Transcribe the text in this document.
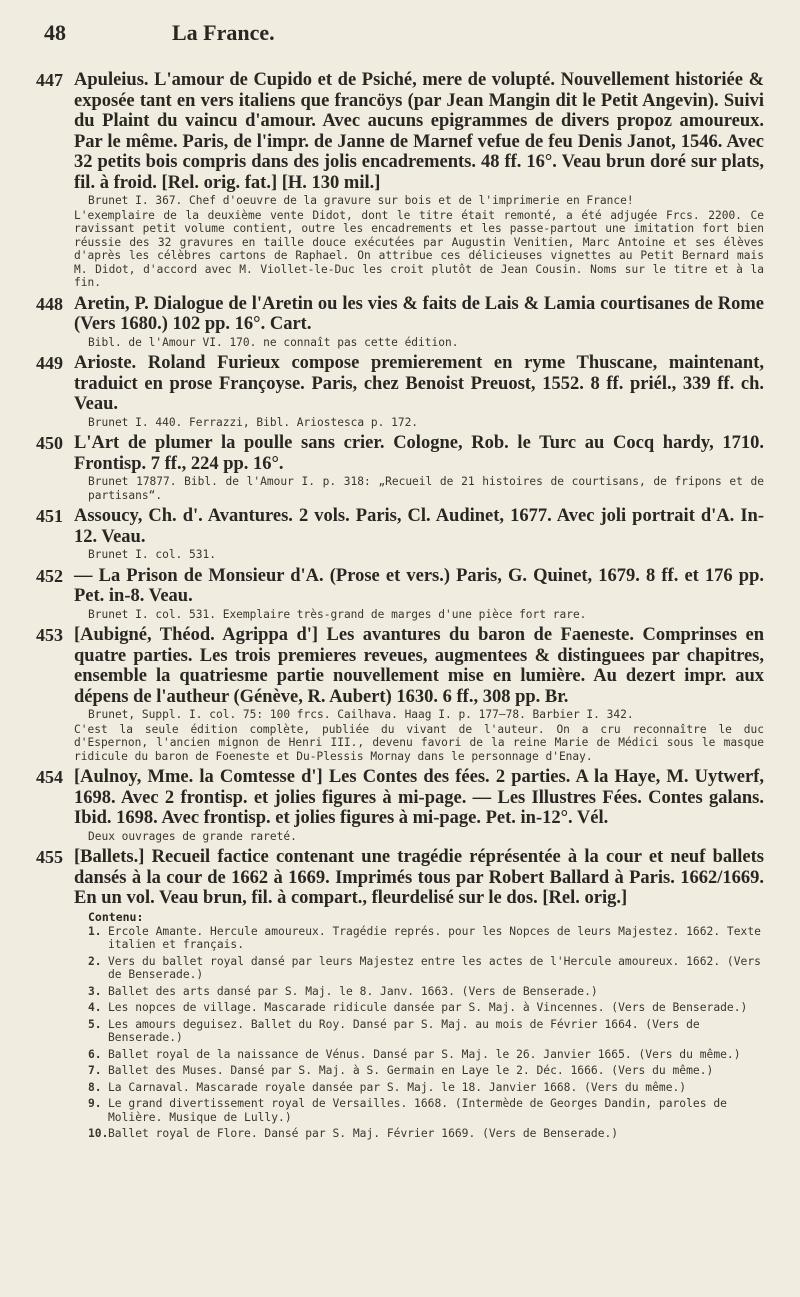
48	La France.
447 Apuleius. L'amour de Cupido et de Psiché, mere de volupté. Nouvellement historiée & exposée tant en vers italiens que francöys (par Jean Mangin dit le Petit Angevin). Suivi du Plaint du vaincu d'amour. Avec aucuns epigrammes de divers propoz amoureux. Par le même. Paris, de l'impr. de Janne de Marnef vefue de feu Denis Janot, 1546. Avec 32 petits bois compris dans des jolis encadrements. 48 ff. 16°. Veau brun doré sur plats, fil. à froid. [Rel. orig. fat.] [H. 130 mil.]

Brunet I. 367. Chef d'oeuvre de la gravure sur bois et de l'imprimerie en France!

L'exemplaire de la deuxième vente Didot, dont le titre était remonté, a été adjugée Frcs. 2200. Ce ravissant petit volume contient, outre les encadrements et les passe-partout une imitation fort bien réussie des 32 gravures en taille douce exécutées par Augustin Venitien, Marc Antoine et ses élèves d'après les célèbres cartons de Raphael. On attribue ces délicieuses vignettes au Petit Bernard mais M. Didot, d'accord avec M. Viollet-le-Duc les croit plutôt de Jean Cousin. Noms sur le titre et à la fin.

448 Aretin, P. Dialogue de l'Aretin ou les vies & faits de Lais & Lamia courtisanes de Rome (Vers 1680.) 102 pp. 16°. Cart.

Bibl. de l'Amour VI. 170. ne connaît pas cette édition.

449 Arioste. Roland Furieux compose premierement en ryme Thuscane, maintenant, traduict en prose Françoyse. Paris, chez Benoist Preuost, 1552. 8 ff. priél., 339 ff. ch. Veau.

Brunet I. 440. Ferrazzi, Bibl. Ariostesca p. 172.

450 L'Art de plumer la poulle sans crier. Cologne, Rob. le Turc au Cocq hardy, 1710. Frontisp. 7 ff., 224 pp. 16°.

Brunet 17877. Bibl. de l'Amour I. p. 318: „Recueil de 21 histoires de courtisans, de fripons et de partisans“.

451 Assoucy, Ch. d'. Avantures. 2 vols. Paris, Cl. Audinet, 1677. Avec joli portrait d'A. In-12. Veau.

Brunet I. col. 531.

452 — La Prison de Monsieur d'A. (Prose et vers.) Paris, G. Quinet, 1679. 8 ff. et 176 pp. Pet. in-8. Veau.

Brunet I. col. 531. Exemplaire très-grand de marges d'une pièce fort rare.

453 [Aubigné, Théod. Agrippa d'] Les avantures du baron de Faeneste. Comprinses en quatre parties. Les trois premieres reveues, augmentees & distinguees par chapitres, ensemble la quatriesme partie nouvellement mise en lumière. Au dezert impr. aux dépens de l'autheur (Génève, R. Aubert) 1630. 6 ff., 308 pp. Br.

Brunet, Suppl. I. col. 75: 100 frcs. Cailhava. Haag I. p. 177–78. Barbier I. 342.

C'est la seule édition complète, publiée du vivant de l'auteur. On a cru reconnaître le duc d'Espernon, l'ancien mignon de Henri III., devenu favori de la reine Marie de Médici sous le masque ridicule du baron de Foeneste et Du-Plessis Mornay dans le personnage d'Enay.

454 [Aulnoy, Mme. la Comtesse d'] Les Contes des fées. 2 parties. A la Haye, M. Uytwerf, 1698. Avec 2 frontisp. et jolies figures à mi-page. — Les Illustres Fées. Contes galans. Ibid. 1698. Avec frontisp. et jolies figures à mi-page. Pet. in-12°. Vél.

Deux ouvrages de grande rareté.

455 [Ballets.] Recueil factice contenant une tragédie réprésentée à la cour et neuf ballets dansés à la cour de 1662 à 1669. Imprimés tous par Robert Ballard à Paris. 1662/1669. En un vol. Veau brun, fil. à compart., fleurdelisé sur le dos. [Rel. orig.]

Contenu:
1. Ercole Amante. Hercule amoureux. Tragédie représ. pour les Nopces de leurs Majestez. 1662. Texte italien et français.
2. Vers du ballet royal dansé par leurs Majestez entre les actes de l'Hercule amoureux. 1662. (Vers de Benserade.)
3. Ballet des arts dansé par S. Maj. le 8. Janv. 1663. (Vers de Benserade.)
4. Les nopces de village. Mascarade ridicule dansée par S. Maj. à Vincennes. (Vers de Benserade.)
5. Les amours deguisez. Ballet du Roy. Dansé par S. Maj. au mois de Février 1664. (Vers de Benserade.)
6. Ballet royal de la naissance de Vénus. Dansé par S. Maj. le 26. Janvier 1665. (Vers du même.)
7. Ballet des Muses. Dansé par S. Maj. à S. Germain en Laye le 2. Déc. 1666. (Vers du même.)
8. La Carnaval. Mascarade royale dansée par S. Maj. le 18. Janvier 1668. (Vers du même.)
9. Le grand divertissement royal de Versailles. 1668. (Intermède de Georges Dandin, paroles de Molière. Musique de Lully.)
10. Ballet royal de Flore. Dansé par S. Maj. Février 1669. (Vers de Benserade.)
